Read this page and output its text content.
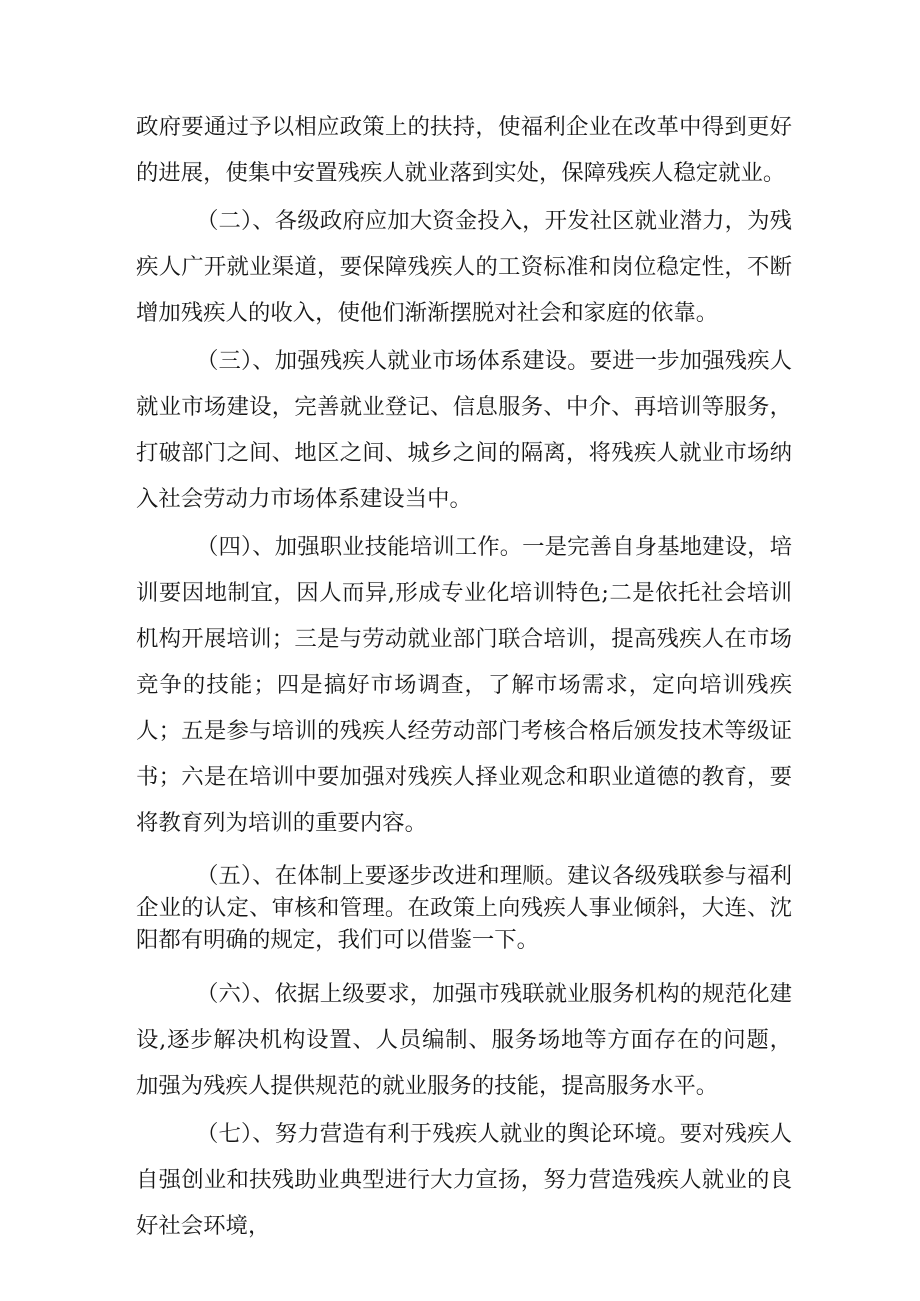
政府要通过予以相应政策上的扶持，使福利企业在改革中得到更好的进展，使集中安置残疾人就业落到实处，保障残疾人稳定就业。

（二）、各级政府应加大资金投入，开发社区就业潜力，为残疾人广开就业渠道，要保障残疾人的工资标准和岗位稳定性，不断增加残疾人的收入，使他们渐渐摆脱对社会和家庭的依靠。

（三）、加强残疾人就业市场体系建设。要进一步加强残疾人就业市场建设，完善就业登记、信息服务、中介、再培训等服务，打破部门之间、地区之间、城乡之间的隔离，将残疾人就业市场纳入社会劳动力市场体系建设当中。

（四）、加强职业技能培训工作。一是完善自身基地建设，培训要因地制宜，因人而异,形成专业化培训特色;二是依托社会培训机构开展培训；三是与劳动就业部门联合培训，提高残疾人在市场竞争的技能；四是搞好市场调查，了解市场需求，定向培训残疾人；五是参与培训的残疾人经劳动部门考核合格后颁发技术等级证书；六是在培训中要加强对残疾人择业观念和职业道德的教育，要将教育列为培训的重要内容。

（五）、在体制上要逐步改进和理顺。建议各级残联参与福利企业的认定、审核和管理。在政策上向残疾人事业倾斜，大连、沈阳都有明确的规定，我们可以借鉴一下。

（六）、依据上级要求，加强市残联就业服务机构的规范化建设,逐步解决机构设置、人员编制、服务场地等方面存在的问题，加强为残疾人提供规范的就业服务的技能，提高服务水平。

（七）、努力营造有利于残疾人就业的舆论环境。要对残疾人自强创业和扶残助业典型进行大力宣扬，努力营造残疾人就业的良好社会环境，
